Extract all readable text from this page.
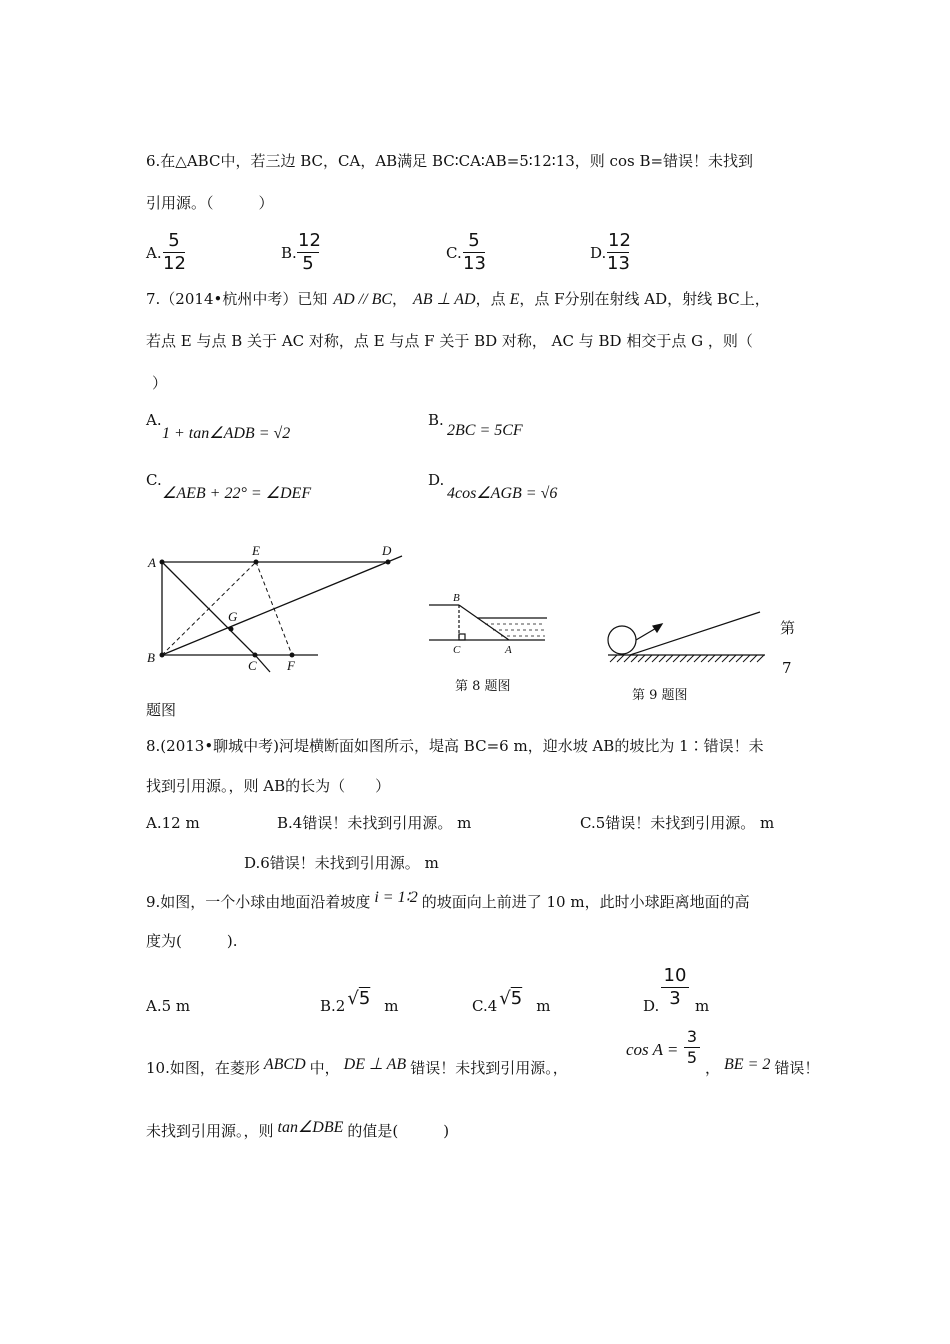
6.在△ABC中，若三边 BC，CA，AB满足 BC∶CA∶AB=5∶12∶13，则 cos B=错误！未找到
引用源。（　　　）
A. $\frac{5}{12}$	B. $\frac{12}{5}$	C. $\frac{5}{13}$	D. $\frac{12}{13}$
7.（2014•杭州中考）已知 AD // BC， AB ⊥ AD，点 E，点 F分别在射线 AD，射线 BC上，
若点 E 与点 B 关于 AC 对称，点 E 与点 F 关于 BD 对称， AC 与 BD 相交于点 G ，则（
）
A.
1 + tan∠ADB = √2
B.
2BC = 5CF
C.
∠AEB + 22° = ∠DEF
D.
4cos∠AGB = √6
A
E	D
G
B
C F
B
C	A
第 8 题图
第 9 题图
第
7
题图
8.(2013•聊城中考)河堤横断面如图所示，堤高 BC=6 m，迎水坡 AB的坡比为 1∶错误！未
找到引用源。，则 AB的长为（　　）
A.12 m	B.4错误！未找到引用源。 m	C.5错误！未找到引用源。 m
D.6错误！未找到引用源。 m
9.如图，一个小球由地面沿着坡度 i = 1∶2 的坡面向上前进了 10 m，此时小球距离地面的高
度为(　　　).
A.5 m	B.2 √5 m	C.4 √5 m	D. $\frac{10}{3}$ m
10.如图，在菱形 ABCD 中， DE ⊥ AB 错误！未找到引用源。，
$\cos A = \frac{3}{5}$ ， BE = 2 错误！
未找到引用源。，则 tan∠DBE 的值是(　　　)
